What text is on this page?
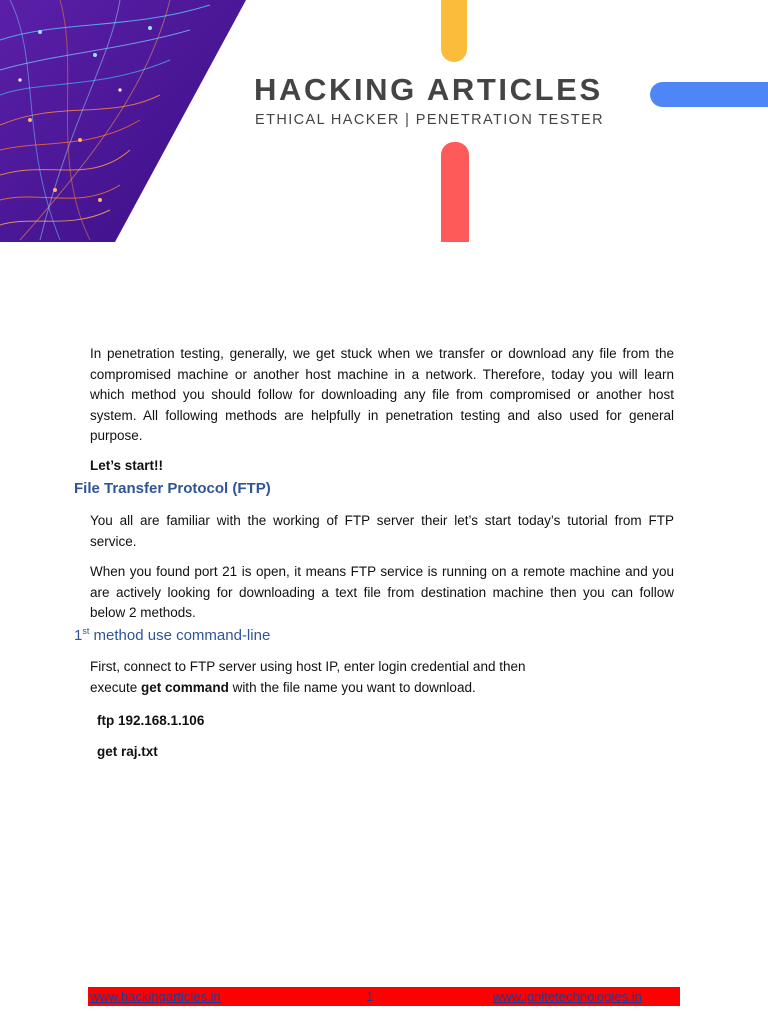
HACKING ARTICLES
ETHICAL HACKER | PENETRATION TESTER

In penetration testing, generally, we get stuck when we transfer or download any file from the compromised machine or another host machine in a network. Therefore, today you will learn which method you should follow for downloading any file from compromised or another host system. All following methods are helpfully in penetration testing and also used for general purpose.

Let’s start!!

File Transfer Protocol (FTP)

You all are familiar with the working of FTP server their let’s start today’s tutorial from FTP service.

When you found port 21 is open, it means FTP service is running on a remote machine and you are actively looking for downloading a text file from destination machine then you can follow below 2 methods.

1st method use command-line

First, connect to FTP server using host IP, enter login credential and then

execute get command with the file name you want to download.

ftp 192.168.1.106

get raj.txt

www.hackingarticles.in	1	www.ignitetechnologies.in
